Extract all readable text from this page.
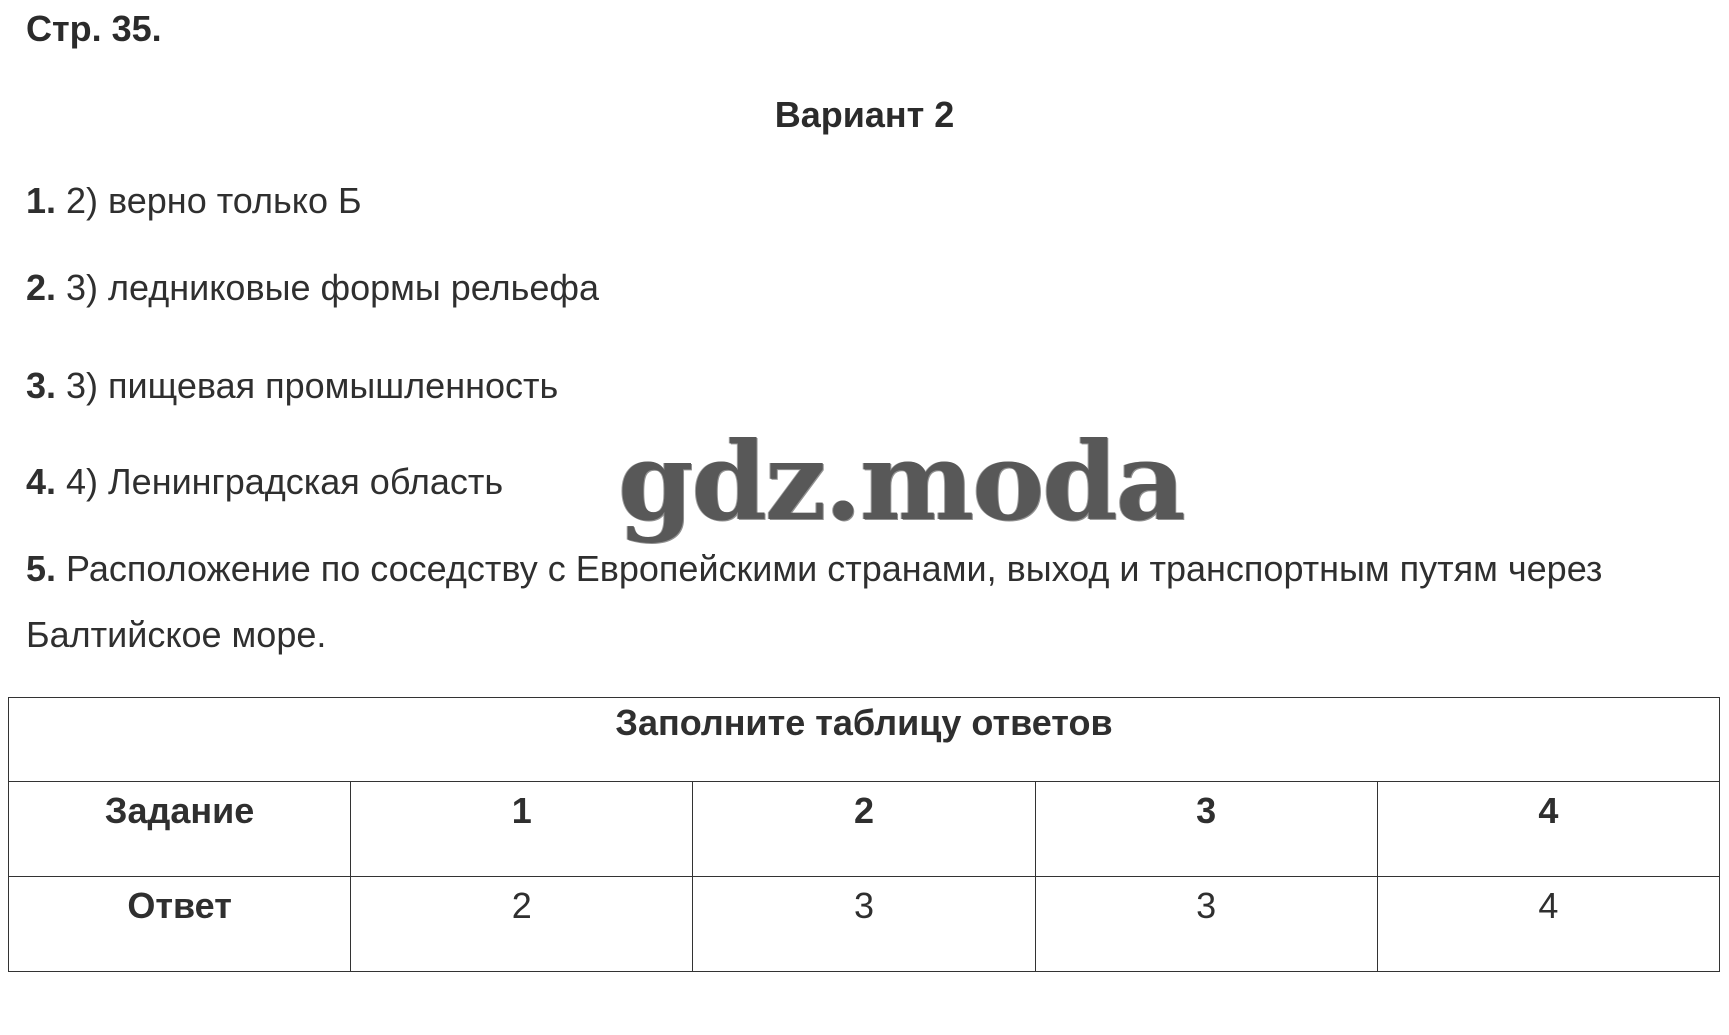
Стр. 35.
Вариант 2
1. 2) верно только Б
2. 3) ледниковые формы рельефа
3. 3) пищевая промышленность
4. 4) Ленинградская область
5. Расположение по соседству с Европейскими странами, выход и транспортным путям через Балтийское море.
gdz.moda
Заполните таблицу ответов				
Задание	1	2	3	4
Ответ	2	3	3	4
